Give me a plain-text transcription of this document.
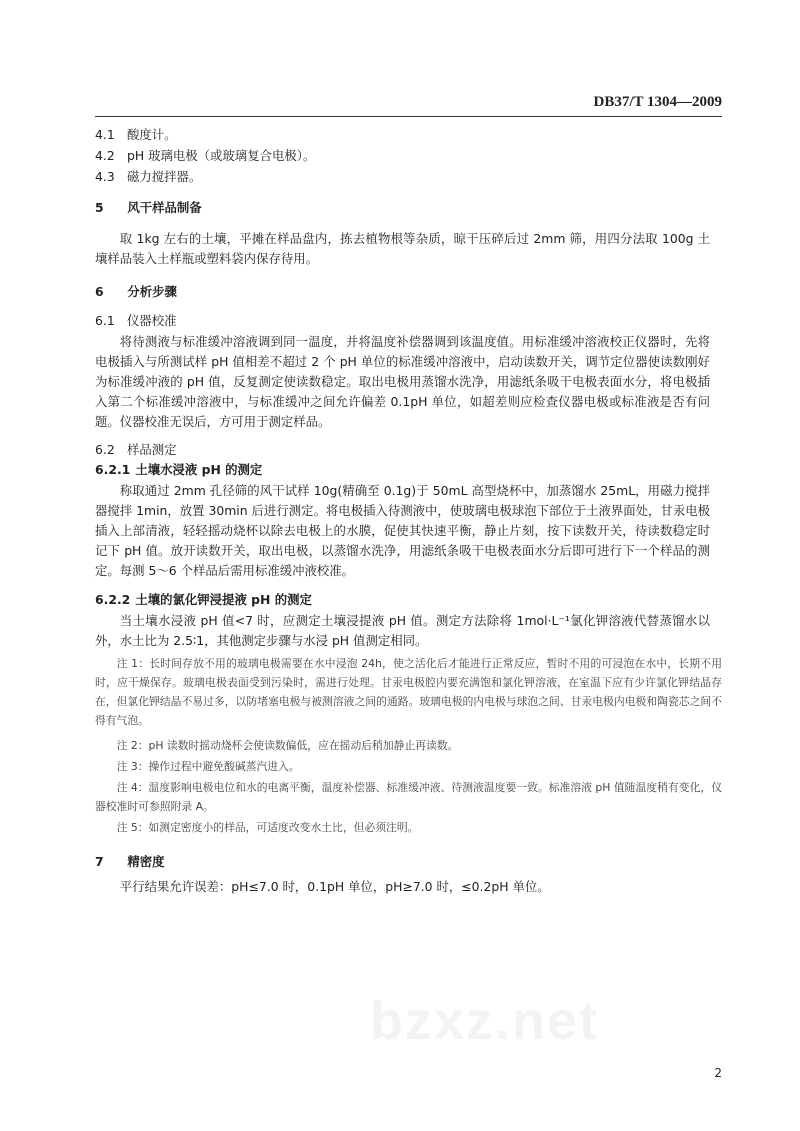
DB37/T 1304—2009
4.1 酸度计。
4.2 pH 玻璃电极（或玻璃复合电极）。
4.3 磁力搅拌器。
5 风干样品制备
取 1kg 左右的土壤，平摊在样品盘内，拣去植物根等杂质，晾干压碎后过 2mm 筛，用四分法取 100g 土壤样品装入土样瓶或塑料袋内保存待用。
6 分析步骤
6.1 仪器校准
将待测液与标准缓冲溶液调到同一温度，并将温度补偿器调到该温度值。用标准缓冲溶液校正仪器时，先将电极插入与所测试样 pH 值相差不超过 2 个 pH 单位的标准缓冲溶液中，启动读数开关，调节定位器使读数刚好为标准缓冲液的 pH 值，反复测定使读数稳定。取出电极用蒸馏水洗净，用滤纸条吸干电极表面水分，将电极插入第二个标准缓冲溶液中，与标准缓冲之间允许偏差 0.1pH 单位，如超差则应检查仪器电极或标准液是否有问题。仪器校准无误后，方可用于测定样品。
6.2 样品测定
6.2.1 土壤水浸液 pH 的测定
称取通过 2mm 孔径筛的风干试样 10g(精确至 0.1g)于 50mL 高型烧杯中，加蒸馏水 25mL，用磁力搅拌器搅拌 1min，放置 30min 后进行测定。将电极插入待测液中，使玻璃电极球泡下部位于土液界面处，甘汞电极插入上部清液，轻轻摇动烧杯以除去电极上的水膜，促使其快速平衡，静止片刻，按下读数开关，待读数稳定时记下 pH 值。放开读数开关，取出电极，以蒸馏水洗净，用滤纸条吸干电极表面水分后即可进行下一个样品的测定。每测 5～6 个样品后需用标准缓冲液校准。
6.2.2 土壤的氯化钾浸提液 pH 的测定
当土壤水浸液 pH 值<7 时，应测定土壤浸提液 pH 值。测定方法除将 1mol·L⁻¹氯化钾溶液代替蒸馏水以外，水土比为 2.5∶1，其他测定步骤与水浸 pH 值测定相同。
注 1：长时间存放不用的玻璃电极需要在水中浸泡 24h，使之活化后才能进行正常反应，暂时不用的可浸泡在水中，长期不用时，应干燥保存。玻璃电极表面受到污染时，需进行处理。甘汞电极腔内要充满饱和氯化钾溶液，在室温下应有少许氯化钾结晶存在，但氯化钾结晶不易过多，以防堵塞电极与被测溶液之间的通路。玻璃电极的内电极与球泡之间、甘汞电极内电极和陶瓷芯之间不得有气泡。
注 2：pH 读数时摇动烧杯会使读数偏低，应在摇动后稍加静止再读数。
注 3：操作过程中避免酸碱蒸汽进入。
注 4：温度影响电极电位和水的电离平衡，温度补偿器、标准缓冲液、待测液温度要一致。标准溶液 pH 值随温度稍有变化，仪器校准时可参照附录 A。
注 5：如测定密度小的样品，可适度改变水土比，但必须注明。
7 精密度
平行结果允许误差：pH≤7.0 时，0.1pH 单位，pH≥7.0 时，≤0.2pH 单位。
bzxz.net
2
